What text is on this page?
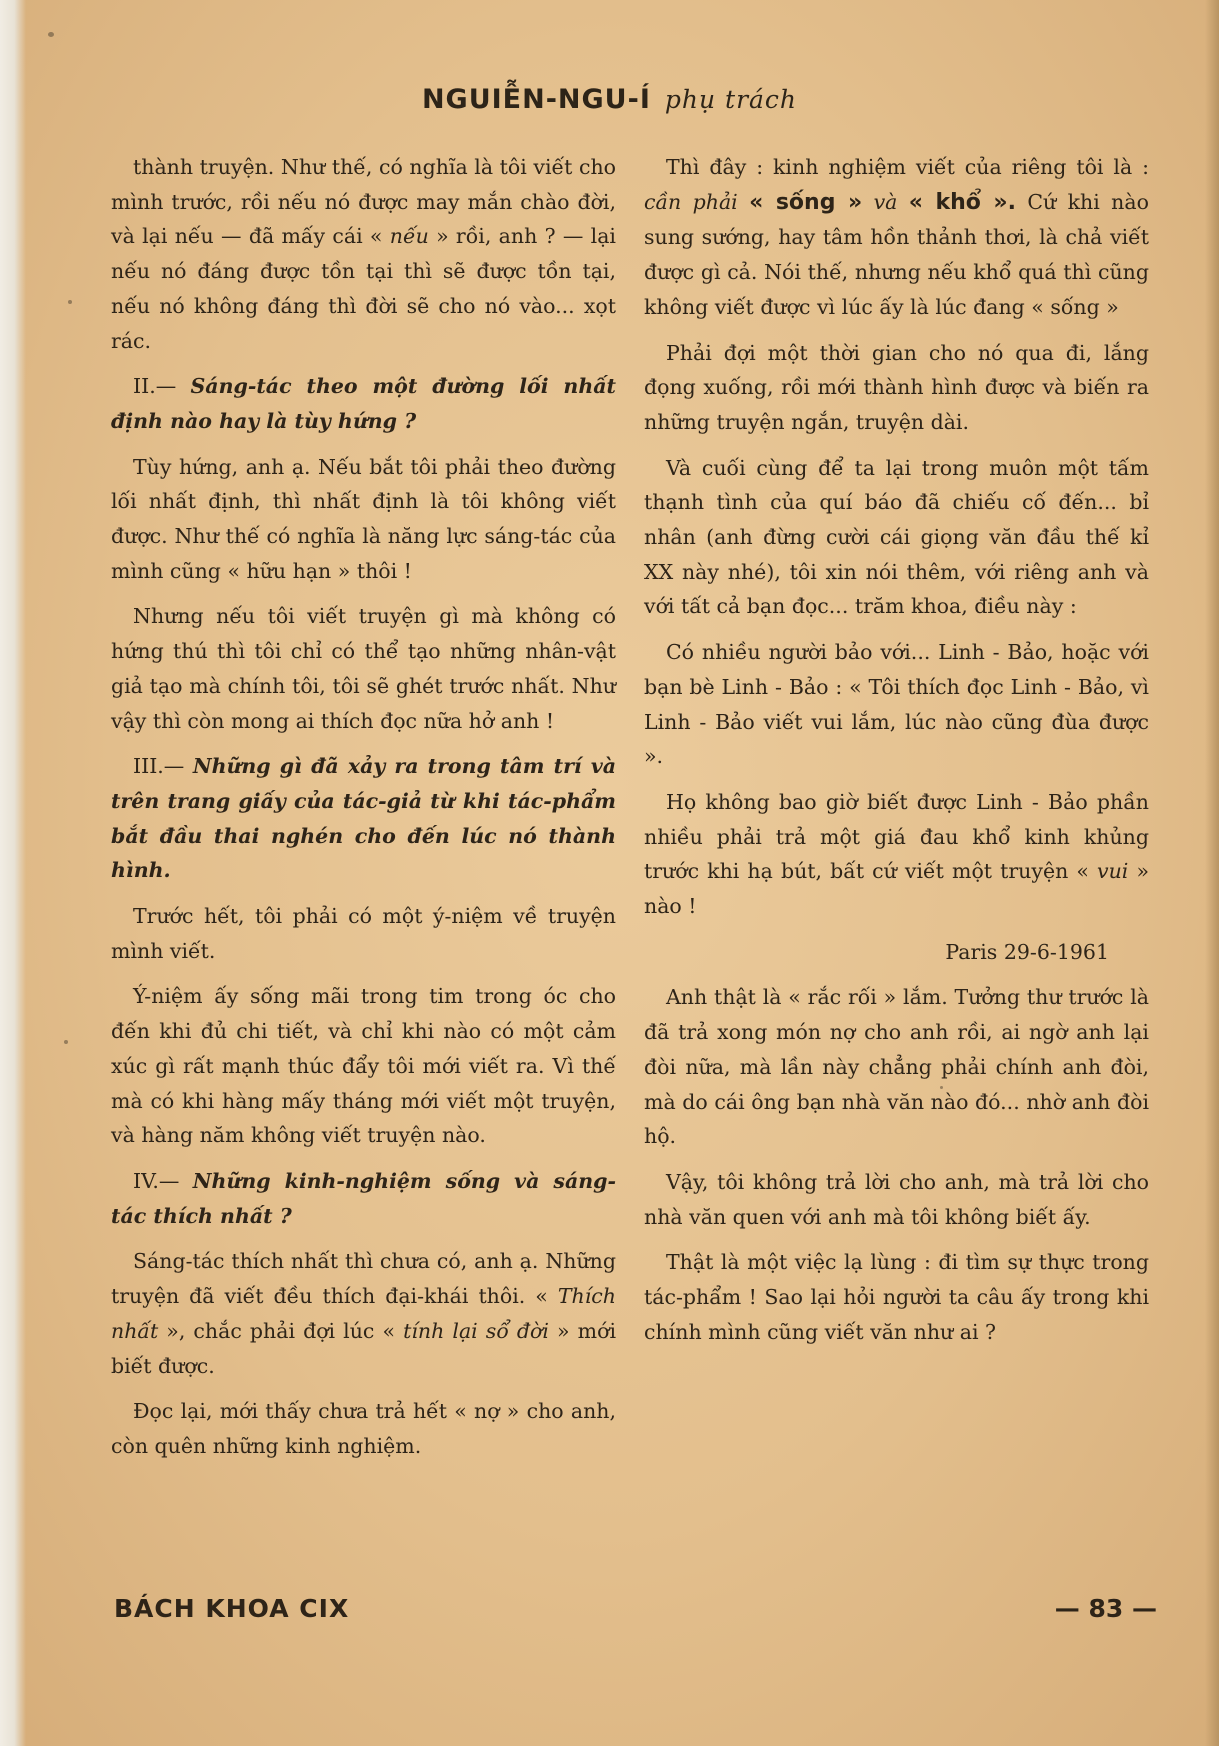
NGUIỄN-NGU-Í phụ trách

thành truyện. Như thế, có nghĩa là tôi viết cho mình trước, rồi nếu nó được may mắn chào đời, và lại nếu — đã mấy cái « nếu » rồi, anh ? — lại nếu nó đáng được tồn tại thì sẽ được tồn tại, nếu nó không đáng thì đời sẽ cho nó vào... xọt rác.

II.— Sáng-tác theo một đường lối nhất định nào hay là tùy hứng ?

Tùy hứng, anh ạ. Nếu bắt tôi phải theo đường lối nhất định, thì nhất định là tôi không viết được. Như thế có nghĩa là năng lực sáng-tác của mình cũng « hữu hạn » thôi !

Nhưng nếu tôi viết truyện gì mà không có hứng thú thì tôi chỉ có thể tạo những nhân-vật giả tạo mà chính tôi, tôi sẽ ghét trước nhất. Như vậy thì còn mong ai thích đọc nữa hở anh !

III.— Những gì đã xảy ra trong tâm trí và trên trang giấy của tác-giả từ khi tác-phẩm bắt đầu thai nghén cho đến lúc nó thành hình.

Trước hết, tôi phải có một ý-niệm về truyện mình viết.

Ý-niệm ấy sống mãi trong tim trong óc cho đến khi đủ chi tiết, và chỉ khi nào có một cảm xúc gì rất mạnh thúc đẩy tôi mới viết ra. Vì thế mà có khi hàng mấy tháng mới viết một truyện, và hàng năm không viết truyện nào.

IV.— Những kinh-nghiệm sống và sáng-tác thích nhất ?

Sáng-tác thích nhất thì chưa có, anh ạ. Những truyện đã viết đều thích đại-khái thôi. « Thích nhất », chắc phải đợi lúc « tính lại sổ đời » mới biết được.

Đọc lại, mới thấy chưa trả hết « nợ » cho anh, còn quên những kinh nghiệm.

Thì đây : kinh nghiệm viết của riêng tôi là : cần phải « sống » và « khổ ». Cứ khi nào sung sướng, hay tâm hồn thảnh thơi, là chả viết được gì cả. Nói thế, nhưng nếu khổ quá thì cũng không viết được vì lúc ấy là lúc đang « sống »

Phải đợi một thời gian cho nó qua đi, lắng đọng xuống, rồi mới thành hình được và biến ra những truyện ngắn, truyện dài.

Và cuối cùng để ta lại trong muôn một tấm thạnh tình của quí báo đã chiếu cố đến... bỉ nhân (anh đừng cười cái giọng văn đầu thế kỉ XX này nhé), tôi xin nói thêm, với riêng anh và với tất cả bạn đọc... trăm khoa, điều này :

Có nhiều người bảo với... Linh - Bảo, hoặc với bạn bè Linh - Bảo : « Tôi thích đọc Linh - Bảo, vì Linh - Bảo viết vui lắm, lúc nào cũng đùa được ».

Họ không bao giờ biết được Linh - Bảo phần nhiều phải trả một giá đau khổ kinh khủng trước khi hạ bút, bất cứ viết một truyện « vui » nào !

Paris 29-6-1961

Anh thật là « rắc rối » lắm. Tưởng thư trước là đã trả xong món nợ cho anh rồi, ai ngờ anh lại đòi nữa, mà lần này chẳng phải chính anh đòi, mà do cái ông bạn nhà văn nào đó... nhờ anh đòi hộ.

Vậy, tôi không trả lời cho anh, mà trả lời cho nhà văn quen với anh mà tôi không biết ấy.

Thật là một việc lạ lùng : đi tìm sự thực trong tác-phẩm ! Sao lại hỏi người ta câu ấy trong khi chính mình cũng viết văn như ai ?

BÁCH KHOA CIX	— 83 —
